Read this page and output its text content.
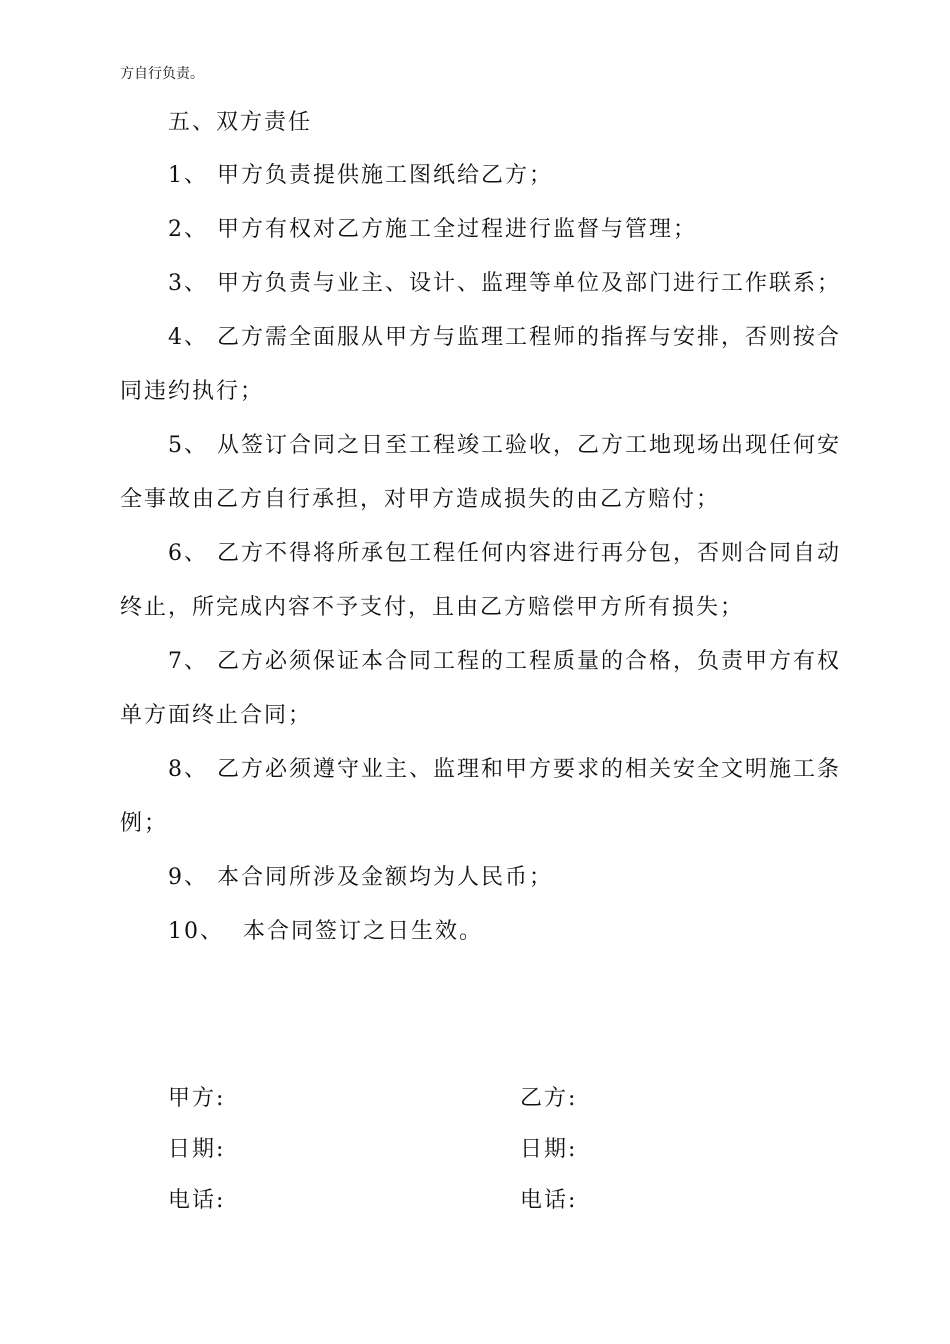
方自行负责。
五、双方责任
1、 甲方负责提供施工图纸给乙方；
2、 甲方有权对乙方施工全过程进行监督与管理；
3、 甲方负责与业主、设计、监理等单位及部门进行工作联系；
4、 乙方需全面服从甲方与监理工程师的指挥与安排，否则按合
同违约执行；
5、 从签订合同之日至工程竣工验收，乙方工地现场出现任何安
全事故由乙方自行承担，对甲方造成损失的由乙方赔付；
6、 乙方不得将所承包工程任何内容进行再分包，否则合同自动
终止，所完成内容不予支付，且由乙方赔偿甲方所有损失；
7、 乙方必须保证本合同工程的工程质量的合格，负责甲方有权
单方面终止合同；
8、 乙方必须遵守业主、监理和甲方要求的相关安全文明施工条
例；
9、 本合同所涉及金额均为人民币；
10、 本合同签订之日生效。
甲方:	乙方:
日期:	日期:
电话:	电话:
